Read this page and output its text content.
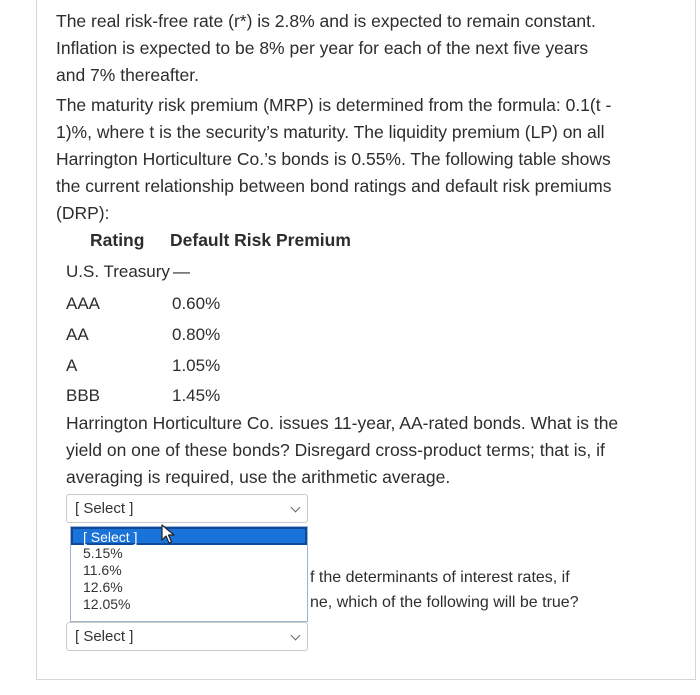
The real risk-free rate (r*) is 2.8% and is expected to remain constant. Inflation is expected to be 8% per year for each of the next five years and 7% thereafter.

The maturity risk premium (MRP) is determined from the formula: 0.1(t - 1)%, where t is the security’s maturity. The liquidity premium (LP) on all Harrington Horticulture Co.’s bonds is 0.55%. The following table shows the current relationship between bond ratings and default risk premiums (DRP):

Rating Default Risk Premium
U.S. Treasury —
AAA	0.60%
AA	0.80%
A	1.05%
BBB	1.45%

Harrington Horticulture Co. issues 11-year, AA-rated bonds. What is the yield on one of these bonds? Disregard cross-product terms; that is, if averaging is required, use the arithmetic average.

[ Select ]
[ Select ]
5.15%
11.6%
12.6%
12.05%
f the determinants of interest rates, if
ne, which of the following will be true?
[ Select ]
